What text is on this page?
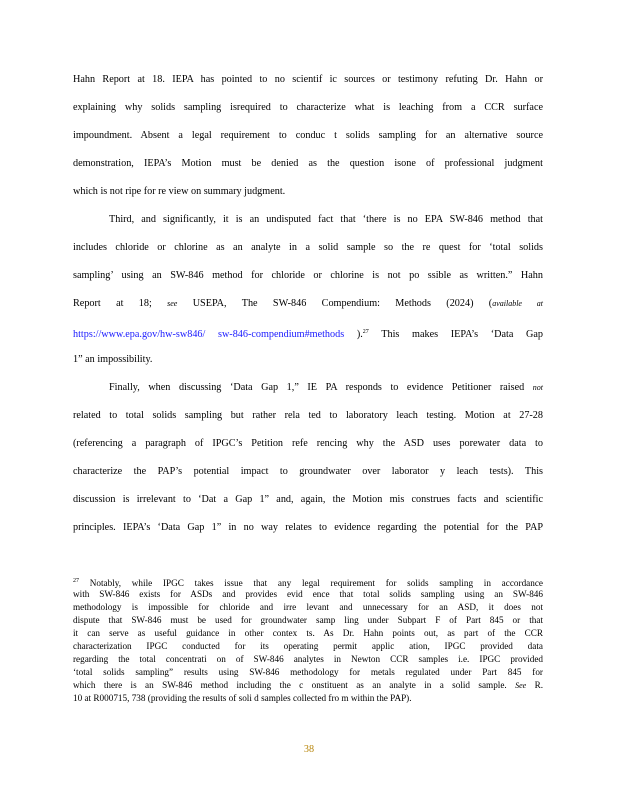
Hahn Report at 18. IEPA has pointed to no scientif ic sources or testimony refuting Dr. Hahn or
explaining why solids sampling isrequired to characterize what is leaching from a CCR surface
impoundment. Absent a legal requirement to conduc t solids sampling for an alternative source
demonstration, IEPA’s Motion must be denied as the question isone of professional judgment
which is not ripe for re view on summary judgment.
Third, and significantly, it is an undisputed fact that ‘there is no EPA SW-846 method that
includes chloride or chlorine as an analyte in a solid sample so the re quest for ‘total solids
sampling’ using an SW-846 method for chloride or chlorine is not po ssible as written.” Hahn
Report at 18; see USEPA, The SW-846 Compendium: Methods (2024) (available at
https://www.epa.gov/hw-sw846/ sw-846-compendium#methods ).$^{27}$ This makes IEPA’s ‘Data Gap
1” an impossibility.
Finally, when discussing ‘Data Gap 1,” IE PA responds to evidence Petitioner raised not
related to total solids sampling but rather rela ted to laboratory leach testing. Motion at 27-28
(referencing a paragraph of IPGC’s Petition refe rencing why the ASD uses porewater data to
characterize the PAP’s potential impact to groundwater over laborator y leach tests). This
discussion is irrelevant to ‘Dat a Gap 1” and, again, the Motion mis construes facts and scientific
principles. IEPA’s ‘Data Gap 1” in no way relates to evidence regarding the potential for the PAP
$^{27}$ Notably, while IPGC takes issue that any legal requirement for solids sampling in accordance
with SW-846 exists for ASDs and provides evid ence that total solids sampling using an SW-846
methodology is impossible for chloride and irre levant and unnecessary for an ASD, it does not
dispute that SW-846 must be used for groundwater samp ling under Subpart F of Part 845 or that
it can serve as useful guidance in other contex ts. As Dr. Hahn points out, as part of the CCR
characterization IPGC conducted for its operating permit applic ation, IPGC provided data
regarding the total concentrati on of SW-846 analytes in Newton CCR samples i.e. IPGC provided
‘total solids sampling” results using SW-846 methodology for metals regulated under Part 845 for
which there is an SW-846 method including the c onstituent as an analyte in a solid sample. See R.
10 at R000715, 738 (providing the results of soli d samples collected fro m within the PAP).
38
